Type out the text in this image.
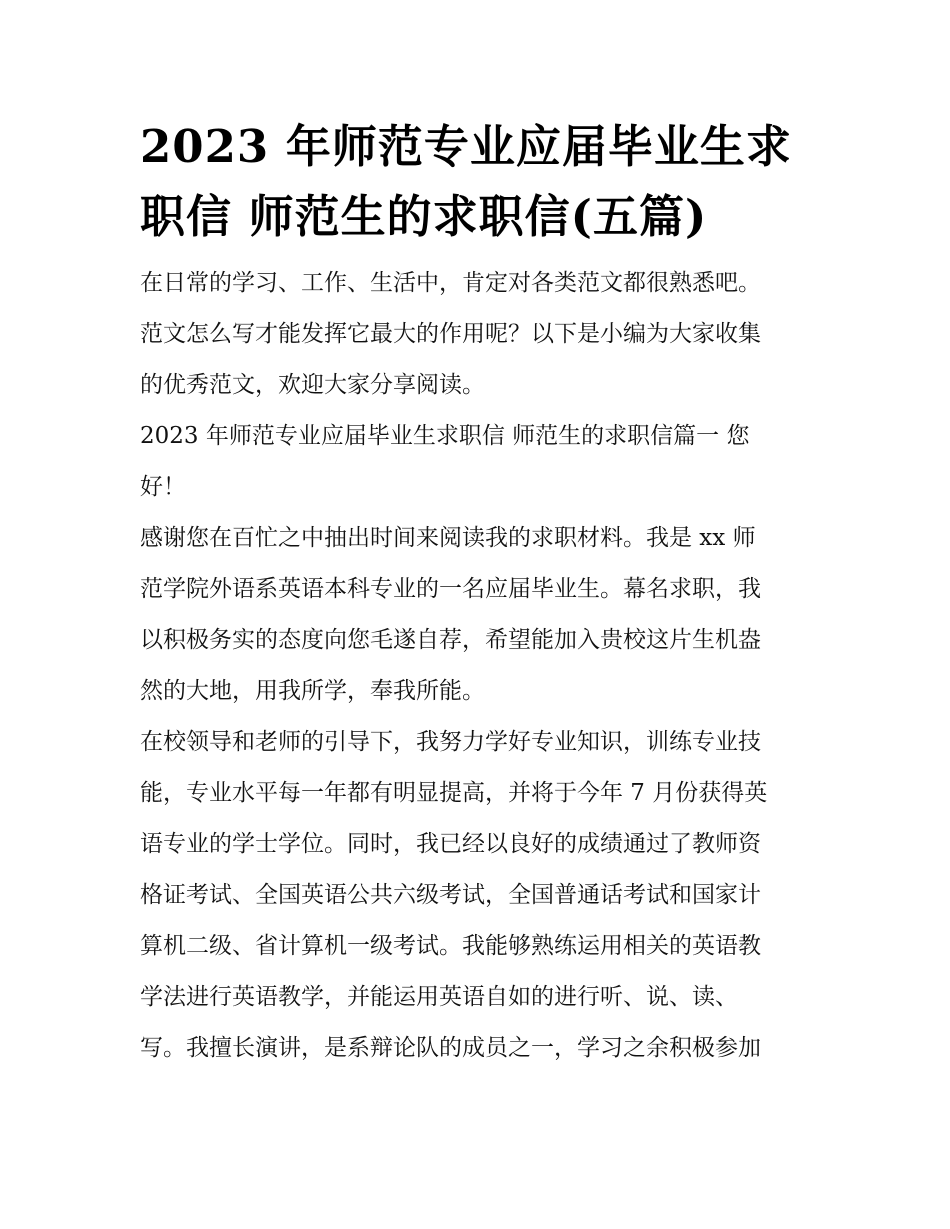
2023 年师范专业应届毕业生求
职信 师范生的求职信(五篇)
在日常的学习、工作、生活中，肯定对各类范文都很熟悉吧。
范文怎么写才能发挥它最大的作用呢？以下是小编为大家收集
的优秀范文，欢迎大家分享阅读。
2023 年师范专业应届毕业生求职信 师范生的求职信篇一 您
好！
感谢您在百忙之中抽出时间来阅读我的求职材料。我是 xx 师
范学院外语系英语本科专业的一名应届毕业生。幕名求职，我
以积极务实的态度向您毛遂自荐，希望能加入贵校这片生机盎
然的大地，用我所学，奉我所能。
在校领导和老师的引导下，我努力学好专业知识，训练专业技
能，专业水平每一年都有明显提高，并将于今年 7 月份获得英
语专业的学士学位。同时，我已经以良好的成绩通过了教师资
格证考试、全国英语公共六级考试，全国普通话考试和国家计
算机二级、省计算机一级考试。我能够熟练运用相关的英语教
学法进行英语教学，并能运用英语自如的进行听、说、读、
写。我擅长演讲，是系辩论队的成员之一，学习之余积极参加
